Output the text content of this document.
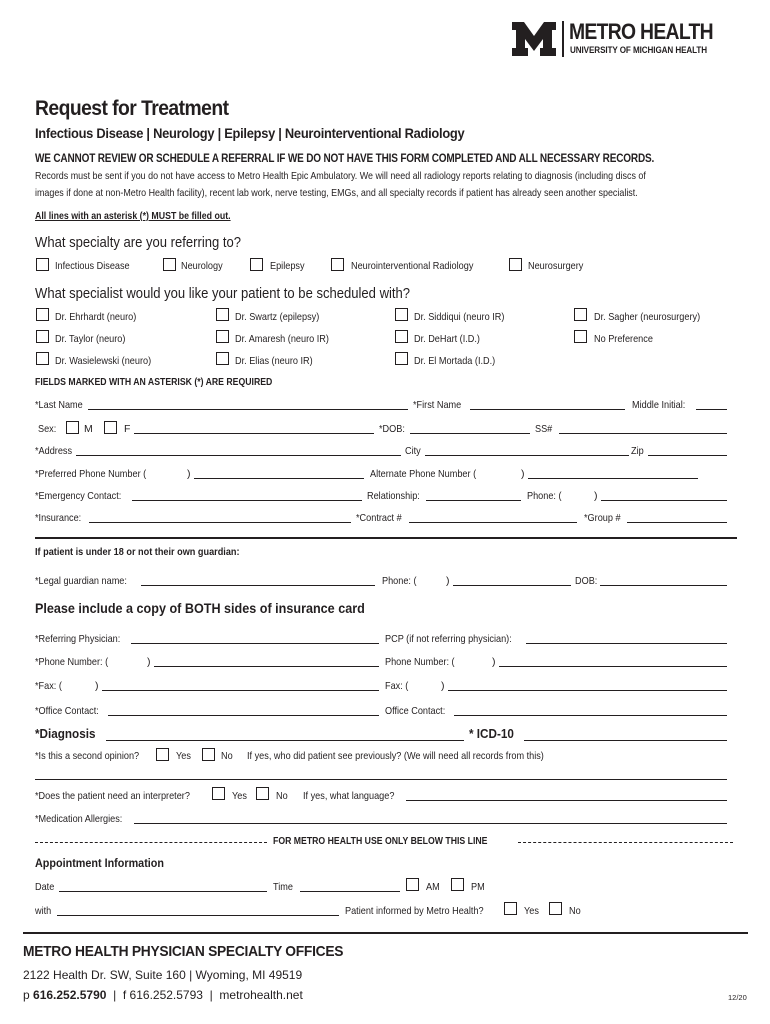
METRO HEALTH
UNIVERSITY OF MICHIGAN HEALTH
Request for Treatment
Infectious Disease | Neurology | Epilepsy | Neurointerventional Radiology
WE CANNOT REVIEW OR SCHEDULE A REFERRAL IF WE DO NOT HAVE THIS FORM COMPLETED AND ALL NECESSARY RECORDS.
Records must be sent if you do not have access to Metro Health Epic Ambulatory. We will need all radiology reports relating to diagnosis (including discs of
images if done at non-Metro Health facility), recent lab work, nerve testing, EMGs, and all specialty records if patient has already seen another specialist.
All lines with an asterisk (*) MUST be filled out.
What specialty are you referring to?
Infectious Disease	Neurology	Epilepsy	Neurointerventional Radiology	Neurosurgery
What specialist would you like your patient to be scheduled with?
Dr. Ehrhardt (neuro)	Dr. Swartz (epilepsy)	Dr. Siddiqui (neuro IR)	Dr. Sagher (neurosurgery)
Dr. Taylor (neuro)	Dr. Amaresh (neuro IR)	Dr. DeHart (I.D.)	No Preference
Dr. Wasielewski (neuro)	Dr. Elias (neuro IR)	Dr. El Mortada (I.D.)
FIELDS MARKED WITH AN ASTERISK (*) ARE REQUIRED
*Last Name	*First Name	Middle Initial:
Sex:	M	F	*DOB:	SS#
*Address	City	Zip
*Preferred Phone Number (	)	Alternate Phone Number (	)
*Emergency Contact:	Relationship:	Phone: (	)
*Insurance:	*Contract #	*Group #
If patient is under 18 or not their own guardian:
*Legal guardian name:	Phone: (	)	DOB:
Please include a copy of BOTH sides of insurance card
*Referring Physician:	PCP (if not referring physician):
*Phone Number: (	)	Phone Number: (	)
*Fax: (	)	Fax: (	)
*Office Contact:	Office Contact:
*Diagnosis	* ICD-10
*Is this a second opinion?	Yes	No If yes, who did patient see previously? (We will need all records from this)
*Does the patient need an interpreter?	Yes	No If yes, what language?
*Medication Allergies:
FOR METRO HEALTH USE ONLY BELOW THIS LINE
Appointment Information
Date	Time	AM	PM
with	Patient informed by Metro Health?	Yes	No
METRO HEALTH PHYSICIAN SPECIALTY OFFICES
2122 Health Dr. SW, Suite 160 | Wyoming, MI 49519
p 616.252.5790  |  f 616.252.5793  |  metrohealth.net	12/20
